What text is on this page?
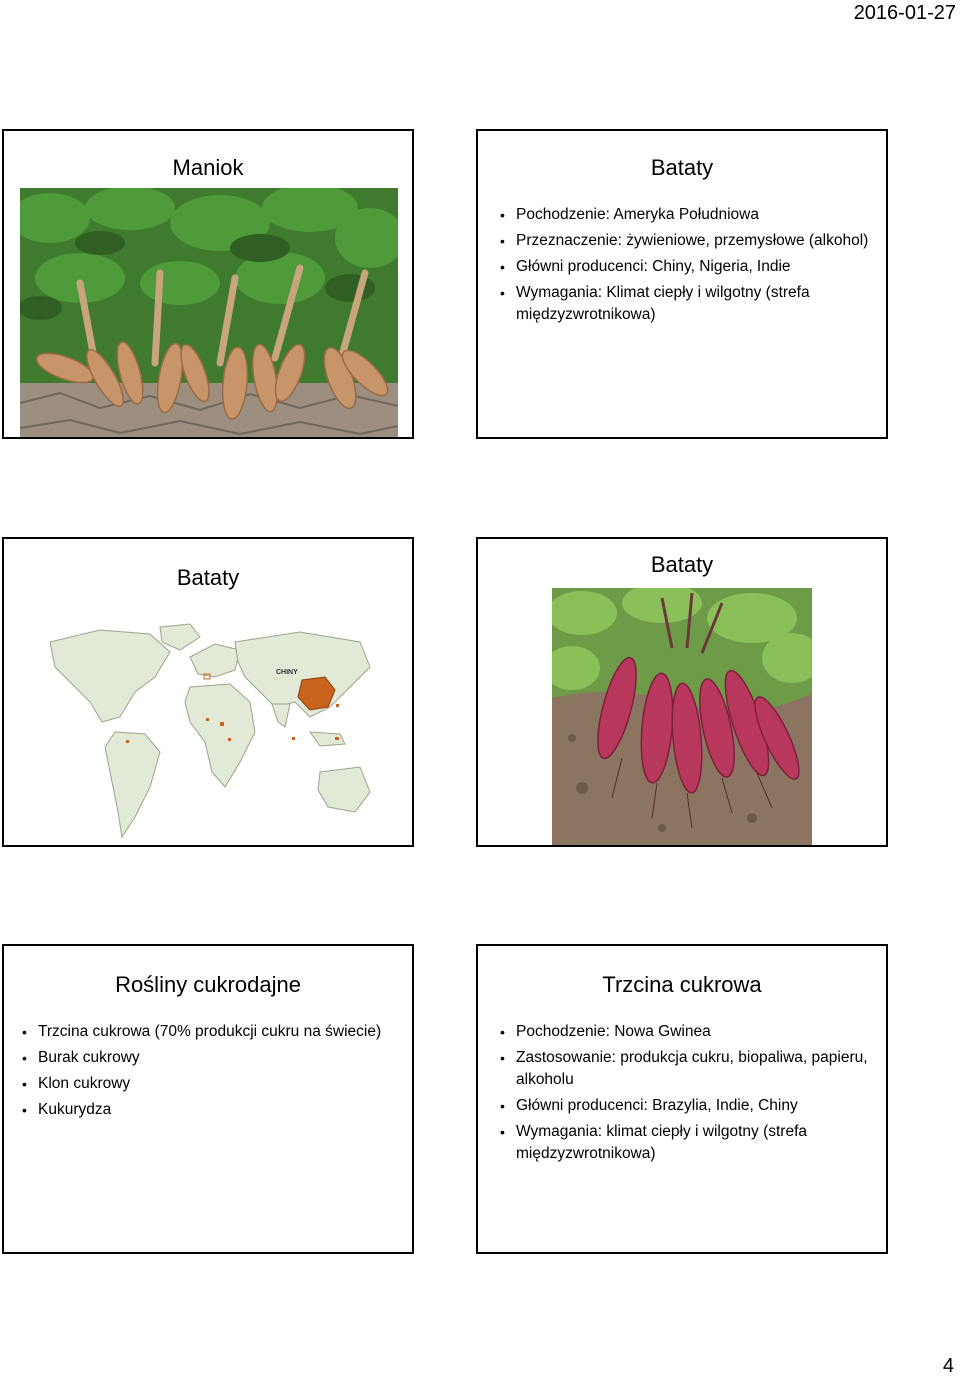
2016-01-27
Maniok	Bataty
• Pochodzenie: Ameryka Południowa
• Przeznaczenie: żywieniowe, przemysłowe (alkohol)
• Główni producenci: Chiny, Nigeria, Indie
• Wymagania: Klimat ciepły i wilgotny (strefa międzyzwrotnikowa)
Bataty
CHINY
Bataty
Rośliny cukrodajne
• Trzcina cukrowa (70% produkcji cukru na świecie)
• Burak cukrowy
• Klon cukrowy
• Kukurydza
Trzcina cukrowa
• Pochodzenie: Nowa Gwinea
• Zastosowanie: produkcja cukru, biopaliwa, papieru, alkoholu
• Główni producenci: Brazylia, Indie, Chiny
• Wymagania: klimat ciepły i wilgotny (strefa międzyzwrotnikowa)
4
